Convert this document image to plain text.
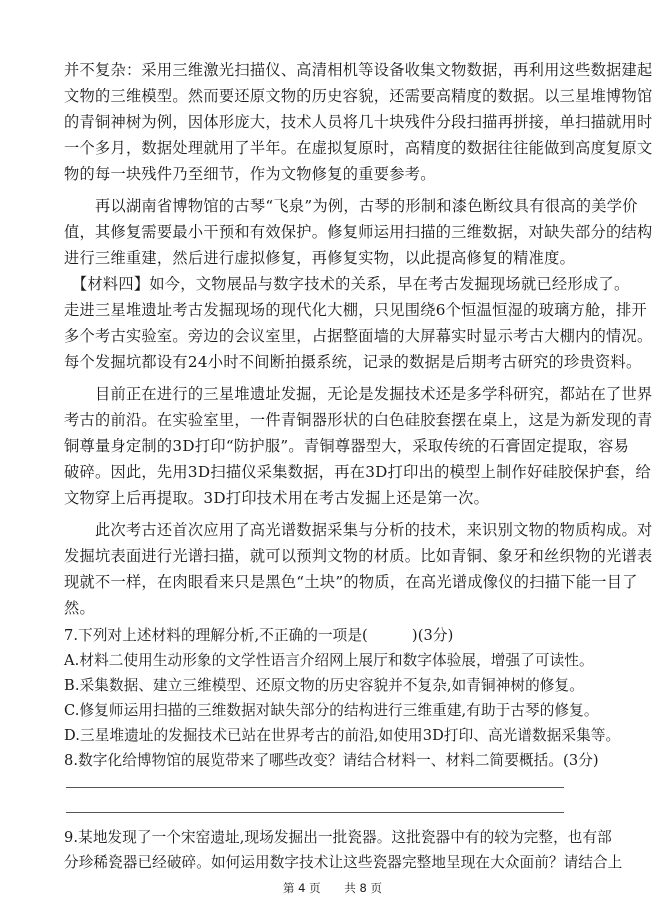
并不复杂：采用三维激光扫描仪、高清相机等设备收集文物数据，再利用这些数据建起
文物的三维模型。然而要还原文物的历史容貌，还需要高精度的数据。以三星堆博物馆
的青铜神树为例，因体形庞大，技术人员将几十块残件分段扫描再拼接，单扫描就用时
一个多月，数据处理就用了半年。在虚拟复原时，高精度的数据往往能做到高度复原文
物的每一块残件乃至细节，作为文物修复的重要参考。
　　再以湖南省博物馆的古琴“飞泉”为例，古琴的形制和漆色断纹具有很高的美学价
值，其修复需要最小干预和有效保护。修复师运用扫描的三维数据，对缺失部分的结构
进行三维重建，然后进行虚拟修复，再修复实物，以此提高修复的精准度。
　【材料四】如今，文物展品与数字技术的关系，早在考古发掘现场就已经形成了。
走进三星堆遗址考古发掘现场的现代化大棚，只见围绕6个恒温恒湿的玻璃方舱，排开
多个考古实验室。旁边的会议室里，占据整面墙的大屏幕实时显示考古大棚内的情况。
每个发掘坑都设有24小时不间断拍摄系统，记录的数据是后期考古研究的珍贵资料。
　　目前正在进行的三星堆遗址发掘，无论是发掘技术还是多学科研究，都站在了世界
考古的前沿。在实验室里，一件青铜器形状的白色硅胶套摆在桌上，这是为新发现的青
铜尊量身定制的3D打印“防护服”。青铜尊器型大，采取传统的石膏固定提取，容易
破碎。因此，先用3D扫描仪采集数据，再在3D打印出的模型上制作好硅胶保护套，给
文物穿上后再提取。3D打印技术用在考古发掘上还是第一次。
　　此次考古还首次应用了高光谱数据采集与分析的技术，来识别文物的物质构成。对
发掘坑表面进行光谱扫描，就可以预判文物的材质。比如青铜、象牙和丝织物的光谱表
现就不一样，在肉眼看来只是黑色“土块”的物质，在高光谱成像仪的扫描下能一目了
然。
7.下列对上述材料的理解分析,不正确的一项是(　　　)(3分)
A.材料二使用生动形象的文学性语言介绍网上展厅和数字体验展，增强了可读性。
B.采集数据、建立三维模型、还原文物的历史容貌并不复杂,如青铜神树的修复。
C.修复师运用扫描的三维数据对缺失部分的结构进行三维重建,有助于古琴的修复。
D.三星堆遗址的发掘技术已站在世界考古的前沿,如使用3D打印、高光谱数据采集等。
8.数字化给博物馆的展览带来了哪些改变？请结合材料一、材料二简要概括。(3分)
9.某地发现了一个宋窑遗址,现场发掘出一批瓷器。这批瓷器中有的较为完整，也有部
分珍稀瓷器已经破碎。如何运用数字技术让这些瓷器完整地呈现在大众面前？请结合上
第 4 页 共 8 页
